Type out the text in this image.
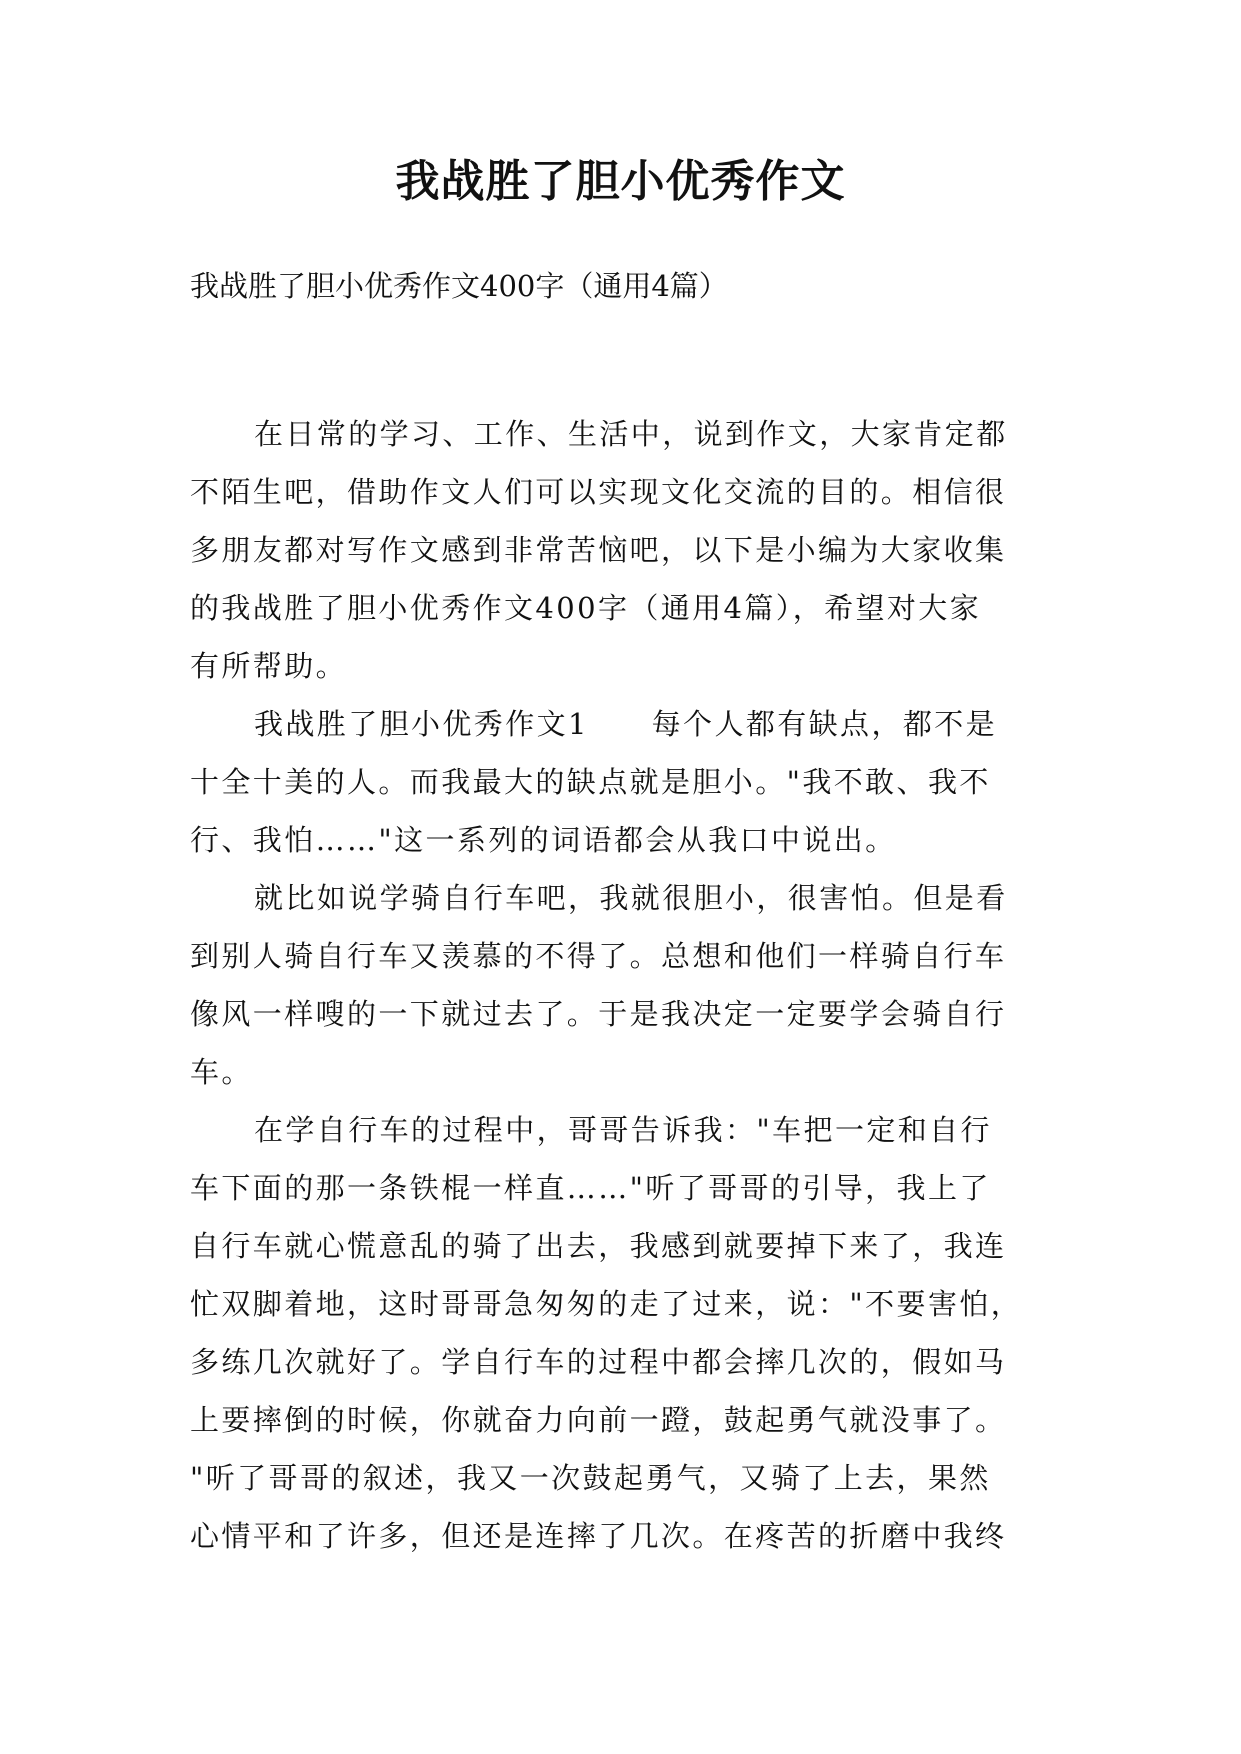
我战胜了胆小优秀作文

我战胜了胆小优秀作文400字（通用4篇）

在日常的学习、工作、生活中，说到作文，大家肯定都
不陌生吧，借助作文人们可以实现文化交流的目的。相信很
多朋友都对写作文感到非常苦恼吧，以下是小编为大家收集
的我战胜了胆小优秀作文400字（通用4篇），希望对大家
有所帮助。
我战胜了胆小优秀作文1　　每个人都有缺点，都不是
十全十美的人。而我最大的缺点就是胆小。"我不敢、我不
行、我怕……"这一系列的词语都会从我口中说出。
就比如说学骑自行车吧，我就很胆小，很害怕。但是看
到别人骑自行车又羡慕的不得了。总想和他们一样骑自行车
像风一样嗖的一下就过去了。于是我决定一定要学会骑自行
车。
在学自行车的过程中，哥哥告诉我："车把一定和自行
车下面的那一条铁棍一样直……"听了哥哥的引导，我上了
自行车就心慌意乱的骑了出去，我感到就要掉下来了，我连
忙双脚着地，这时哥哥急匆匆的走了过来，说："不要害怕，
多练几次就好了。学自行车的过程中都会摔几次的，假如马
上要摔倒的时候，你就奋力向前一蹬，鼓起勇气就没事了。
"听了哥哥的叙述，我又一次鼓起勇气，又骑了上去，果然
心情平和了许多，但还是连摔了几次。在疼苦的折磨中我终
